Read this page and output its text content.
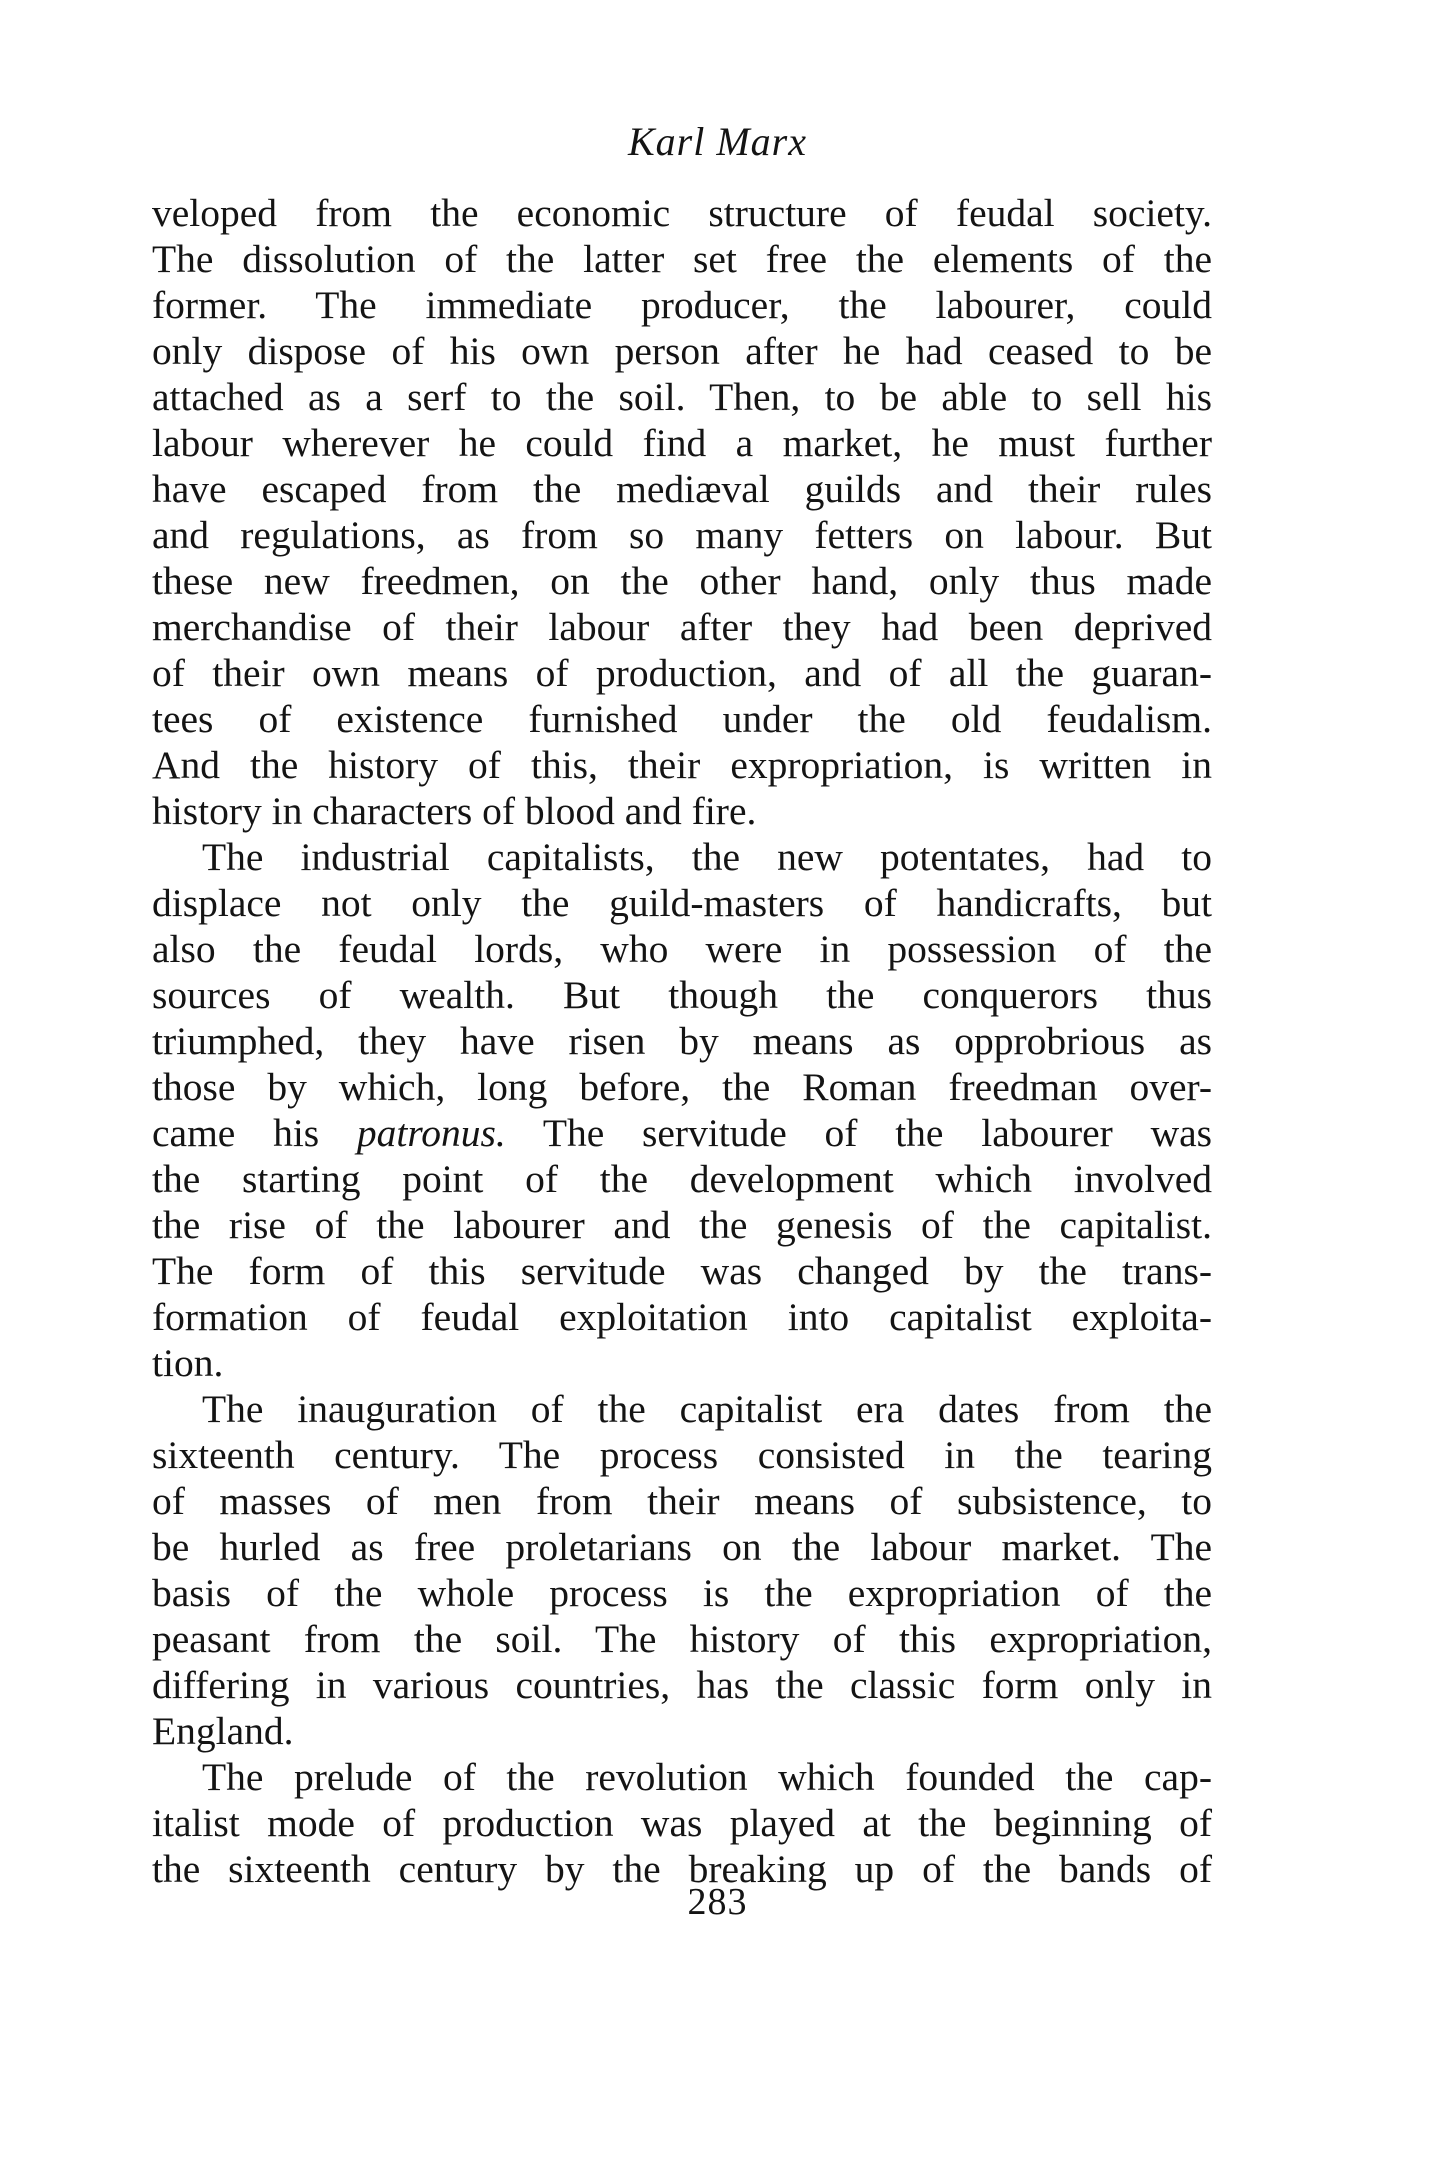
Karl Marx
veloped from the economic structure of feudal society.
The dissolution of the latter set free the elements of the
former. The immediate producer, the labourer, could
only dispose of his own person after he had ceased to be
attached as a serf to the soil. Then, to be able to sell his
labour wherever he could find a market, he must further
have escaped from the mediæval guilds and their rules
and regulations, as from so many fetters on labour. But
these new freedmen, on the other hand, only thus made
merchandise of their labour after they had been deprived
of their own means of production, and of all the guaran-
tees of existence furnished under the old feudalism.
And the history of this, their expropriation, is written in
history in characters of blood and fire.
The industrial capitalists, the new potentates, had to
displace not only the guild-masters of handicrafts, but
also the feudal lords, who were in possession of the
sources of wealth. But though the conquerors thus
triumphed, they have risen by means as opprobrious as
those by which, long before, the Roman freedman over-
came his patronus. The servitude of the labourer was
the starting point of the development which involved
the rise of the labourer and the genesis of the capitalist.
The form of this servitude was changed by the trans-
formation of feudal exploitation into capitalist exploita-
tion.
The inauguration of the capitalist era dates from the
sixteenth century. The process consisted in the tearing
of masses of men from their means of subsistence, to
be hurled as free proletarians on the labour market. The
basis of the whole process is the expropriation of the
peasant from the soil. The history of this expropriation,
differing in various countries, has the classic form only in
England.
The prelude of the revolution which founded the cap-
italist mode of production was played at the beginning of
the sixteenth century by the breaking up of the bands of
283
